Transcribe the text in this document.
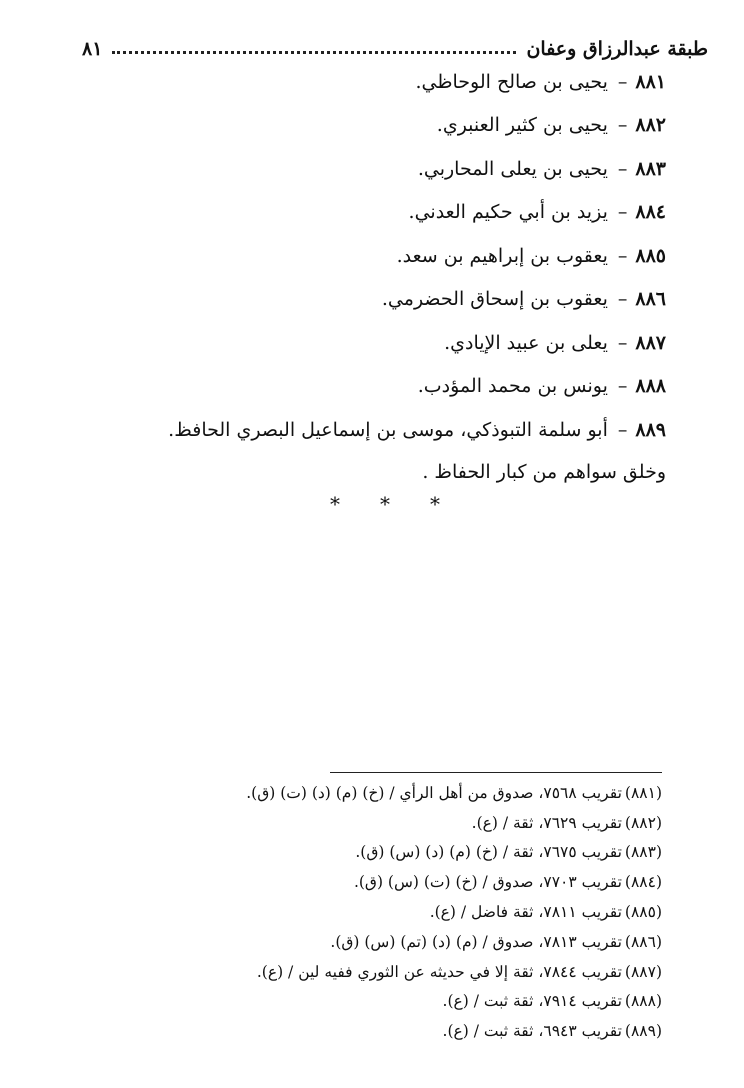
طبقة عبدالرزاق وعفان
٨١
٨٨١
–
يحيى بن صالح الوحاظي.
٨٨٢
–
يحيى بن كثير العنبري.
٨٨٣
–
يحيى بن يعلى المحاربي.
٨٨٤
–
يزيد بن أبي حكيم العدني.
٨٨٥
–
يعقوب بن إبراهيم بن سعد.
٨٨٦
–
يعقوب بن إسحاق الحضرمي.
٨٨٧
–
يعلى بن عبيد الإيادي.
٨٨٨
–
يونس بن محمد المؤدب.
٨٨٩
–
أبو سلمة التبوذكي، موسى بن إسماعيل البصري الحافظ.
وخلق سواهم من كبار الحفاظ .
* * *
(٨٨١)
تقريب ٧٥٦٨، صدوق من أهل الرأي / (خ) (م) (د) (ت) (ق).
(٨٨٢)
تقريب ٧٦٢٩، ثقة / (ع).
(٨٨٣)
تقريب ٧٦٧٥، ثقة / (خ) (م) (د) (س) (ق).
(٨٨٤)
تقريب ٧٧٠٣، صدوق / (خ) (ت) (س) (ق).
(٨٨٥)
تقريب ٧٨١١، ثقة فاضل / (ع).
(٨٨٦)
تقريب ٧٨١٣، صدوق / (م) (د) (تم) (س) (ق).
(٨٨٧)
تقريب ٧٨٤٤، ثقة إلا في حديثه عن الثوري ففيه لين / (ع).
(٨٨٨)
تقريب ٧٩١٤، ثقة ثبت / (ع).
(٨٨٩)
تقريب ٦٩٤٣، ثقة ثبت / (ع).
